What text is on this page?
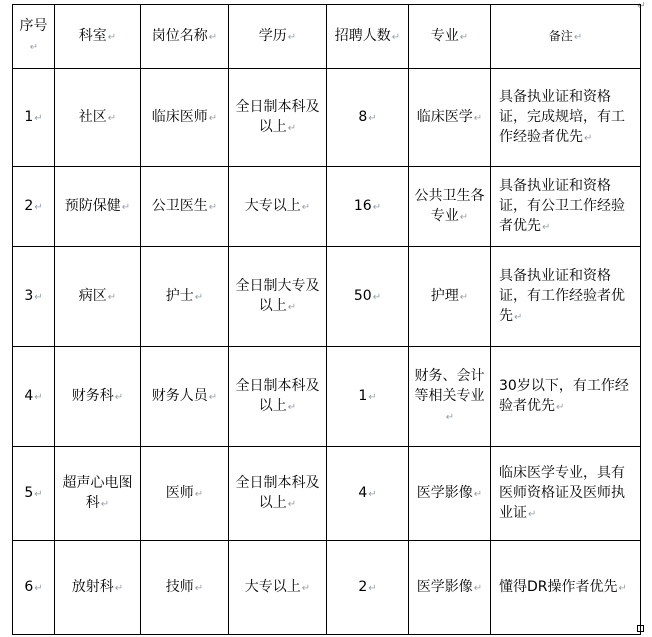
↵
序号↵	科室↵	岗位名称↵	学历↵	招聘人数↵	专业↵	备注↵
1↵	社区↵	临床医师↵	全日制本科及以上↵	8↵	临床医学↵	具备执业证和资格证，完成规培，有工作经验者优先↵
2↵	预防保健↵	公卫医生↵	大专以上↵	16↵	公共卫生各专业↵	具备执业证和资格证，有公卫工作经验者优先↵
3↵	病区↵	护士↵	全日制大专及以上↵	50↵	护理↵	具备执业证和资格证，有工作经验者优先↵
4↵	财务科↵	财务人员↵	全日制本科及以上↵	1↵	财务、会计等相关专业↵	30岁以下，有工作经验者优先↵
5↵	超声心电图科↵	医师↵	全日制本科及以上↵	4↵	医学影像↵	临床医学专业，具有医师资格证及医师执业证↵
6↵	放射科↵	技师↵	大专以上↵	2↵	医学影像↵	懂得DR操作者优先↵
